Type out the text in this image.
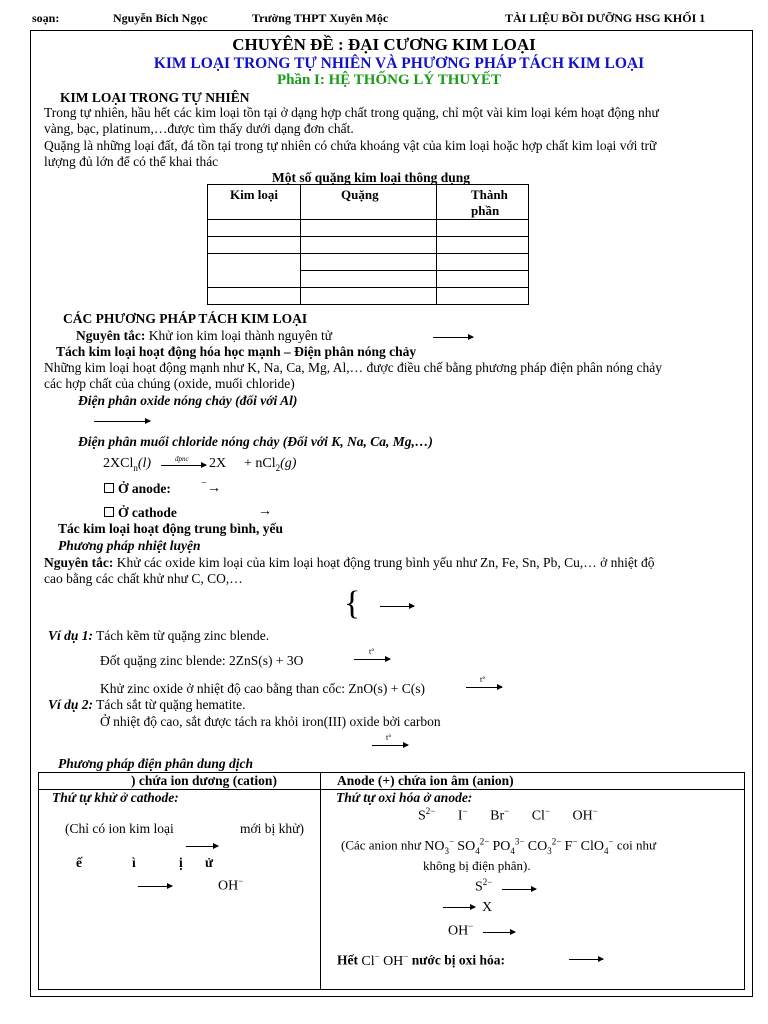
soạn:	Nguyễn Bích Ngọc	Trường THPT Xuyên Mộc	TÀI LIỆU BỒI DƯỠNG HSG KHỐI 1
CHUYÊN ĐỀ : ĐẠI CƯƠNG KIM LOẠI
KIM LOẠI TRONG TỰ NHIÊN VÀ PHƯƠNG PHÁP TÁCH KIM LOẠI
Phần I: HỆ THỐNG LÝ THUYẾT
KIM LOẠI TRONG TỰ NHIÊN
Trong tự nhiên, hầu hết các kim loại tồn tại ở dạng hợp chất trong quặng, chỉ một vài kim loại kém hoạt động như
vàng, bạc, platinum,…được tìm thấy dưới dạng đơn chất.
Quặng là những loại đất, đá tồn tại trong tự nhiên có chứa khoáng vật của kim loại hoặc hợp chất kim loại với trữ
lượng đủ lớn để có thể khai thác
Một số quặng kim loại thông dụng
Kim loại	Quặng	Thành phần

CÁC PHƯƠNG PHÁP TÁCH KIM LOẠI
Nguyên tắc: Khử ion kim loại thành nguyên tử
Tách kim loại hoạt động hóa học mạnh – Điện phân nóng chảy
Những kim loại hoạt động mạnh như K, Na, Ca, Mg, Al,… được điều chế bằng phương pháp điện phân nóng chảy
các hợp chất của chúng (oxide, muối chloride)
Điện phân oxide nóng chảy (đối với Al)
Điện phân muối chloride nóng chảy (Đối với K, Na, Ca, Mg,…)
2XCl$_n$(l)	đpnc 2X + nCl$_2$(g)
Ở anode:	− →
Ở cathode	→
Tác kim loại hoạt động trung bình, yếu
Phương pháp nhiệt luyện
Nguyên tắc: Khử các oxide kim loại của kim loại hoạt động trung bình yếu như Zn, Fe, Sn, Pb, Cu,… ở nhiệt độ
cao bằng các chất khử như C, CO,…
{
Ví dụ 1: Tách kẽm từ quặng zinc blende.
Đốt quặng zinc blende: 2ZnS(s) + 3O
t°
Khử zinc oxide ở nhiệt độ cao bằng than cốc: ZnO(s) + C(s)
t°
Ví dụ 2: Tách sắt từ quặng hematite.
Ở nhiệt độ cao, sắt được tách ra khỏi iron(III) oxide bởi carbon
t°
Phương pháp điện phân dung dịch
) chứa ion dương (cation)	Anode (+) chứa ion âm (anion)
Thứ tự khử ở cathode:
(Chỉ có ion kim loại	mới bị khử)
ế	ì	ị ử
OH−
Thứ tự oxi hóa ở anode:
$S^{2-}$ I− Br− Cl− OH−
(Các anion như $NO_3^-$ $SO_4^{2-}$ $PO_4^{3-}$ $CO_3^{2-}$ F− ClO$_4$− coi như
không bị điện phân).
$S^{2-}$
X
OH−
Hết Cl− OH− nước bị oxi hóa:
